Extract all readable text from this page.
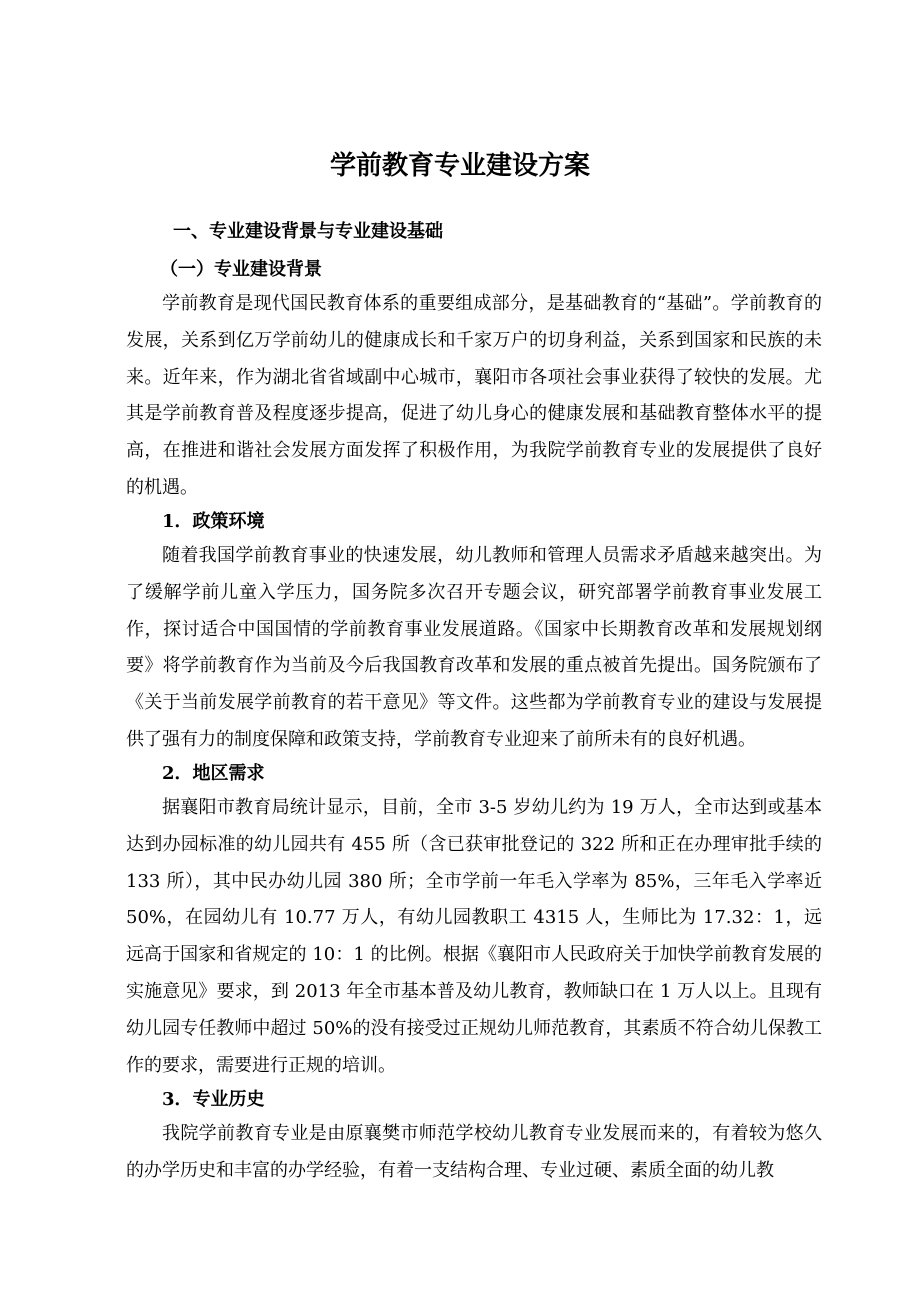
学前教育专业建设方案
一、专业建设背景与专业建设基础
（一）专业建设背景

学前教育是现代国民教育体系的重要组成部分，是基础教育的“基础”。学前教育的发展，关系到亿万学前幼儿的健康成长和千家万户的切身利益，关系到国家和民族的未来。近年来，作为湖北省省域副中心城市，襄阳市各项社会事业获得了较快的发展。尤其是学前教育普及程度逐步提高，促进了幼儿身心的健康发展和基础教育整体水平的提高，在推进和谐社会发展方面发挥了积极作用，为我院学前教育专业的发展提供了良好的机遇。

1．政策环境

随着我国学前教育事业的快速发展，幼儿教师和管理人员需求矛盾越来越突出。为了缓解学前儿童入学压力，国务院多次召开专题会议，研究部署学前教育事业发展工作，探讨适合中国国情的学前教育事业发展道路。《国家中长期教育改革和发展规划纲要》将学前教育作为当前及今后我国教育改革和发展的重点被首先提出。国务院颁布了《关于当前发展学前教育的若干意见》等文件。这些都为学前教育专业的建设与发展提供了强有力的制度保障和政策支持，学前教育专业迎来了前所未有的良好机遇。

2．地区需求

据襄阳市教育局统计显示，目前，全市 3-5 岁幼儿约为 19 万人，全市达到或基本达到办园标准的幼儿园共有 455 所（含已获审批登记的 322 所和正在办理审批手续的 133 所），其中民办幼儿园 380 所；全市学前一年毛入学率为 85%，三年毛入学率近 50%，在园幼儿有 10.77 万人，有幼儿园教职工 4315 人，生师比为 17.32：1，远远高于国家和省规定的 10：1 的比例。根据《襄阳市人民政府关于加快学前教育发展的实施意见》要求，到 2013 年全市基本普及幼儿教育，教师缺口在 1 万人以上。且现有幼儿园专任教师中超过 50%的没有接受过正规幼儿师范教育，其素质不符合幼儿保教工作的要求，需要进行正规的培训。

3．专业历史

我院学前教育专业是由原襄樊市师范学校幼儿教育专业发展而来的，有着较为悠久的办学历史和丰富的办学经验，有着一支结构合理、专业过硬、素质全面的幼儿教
